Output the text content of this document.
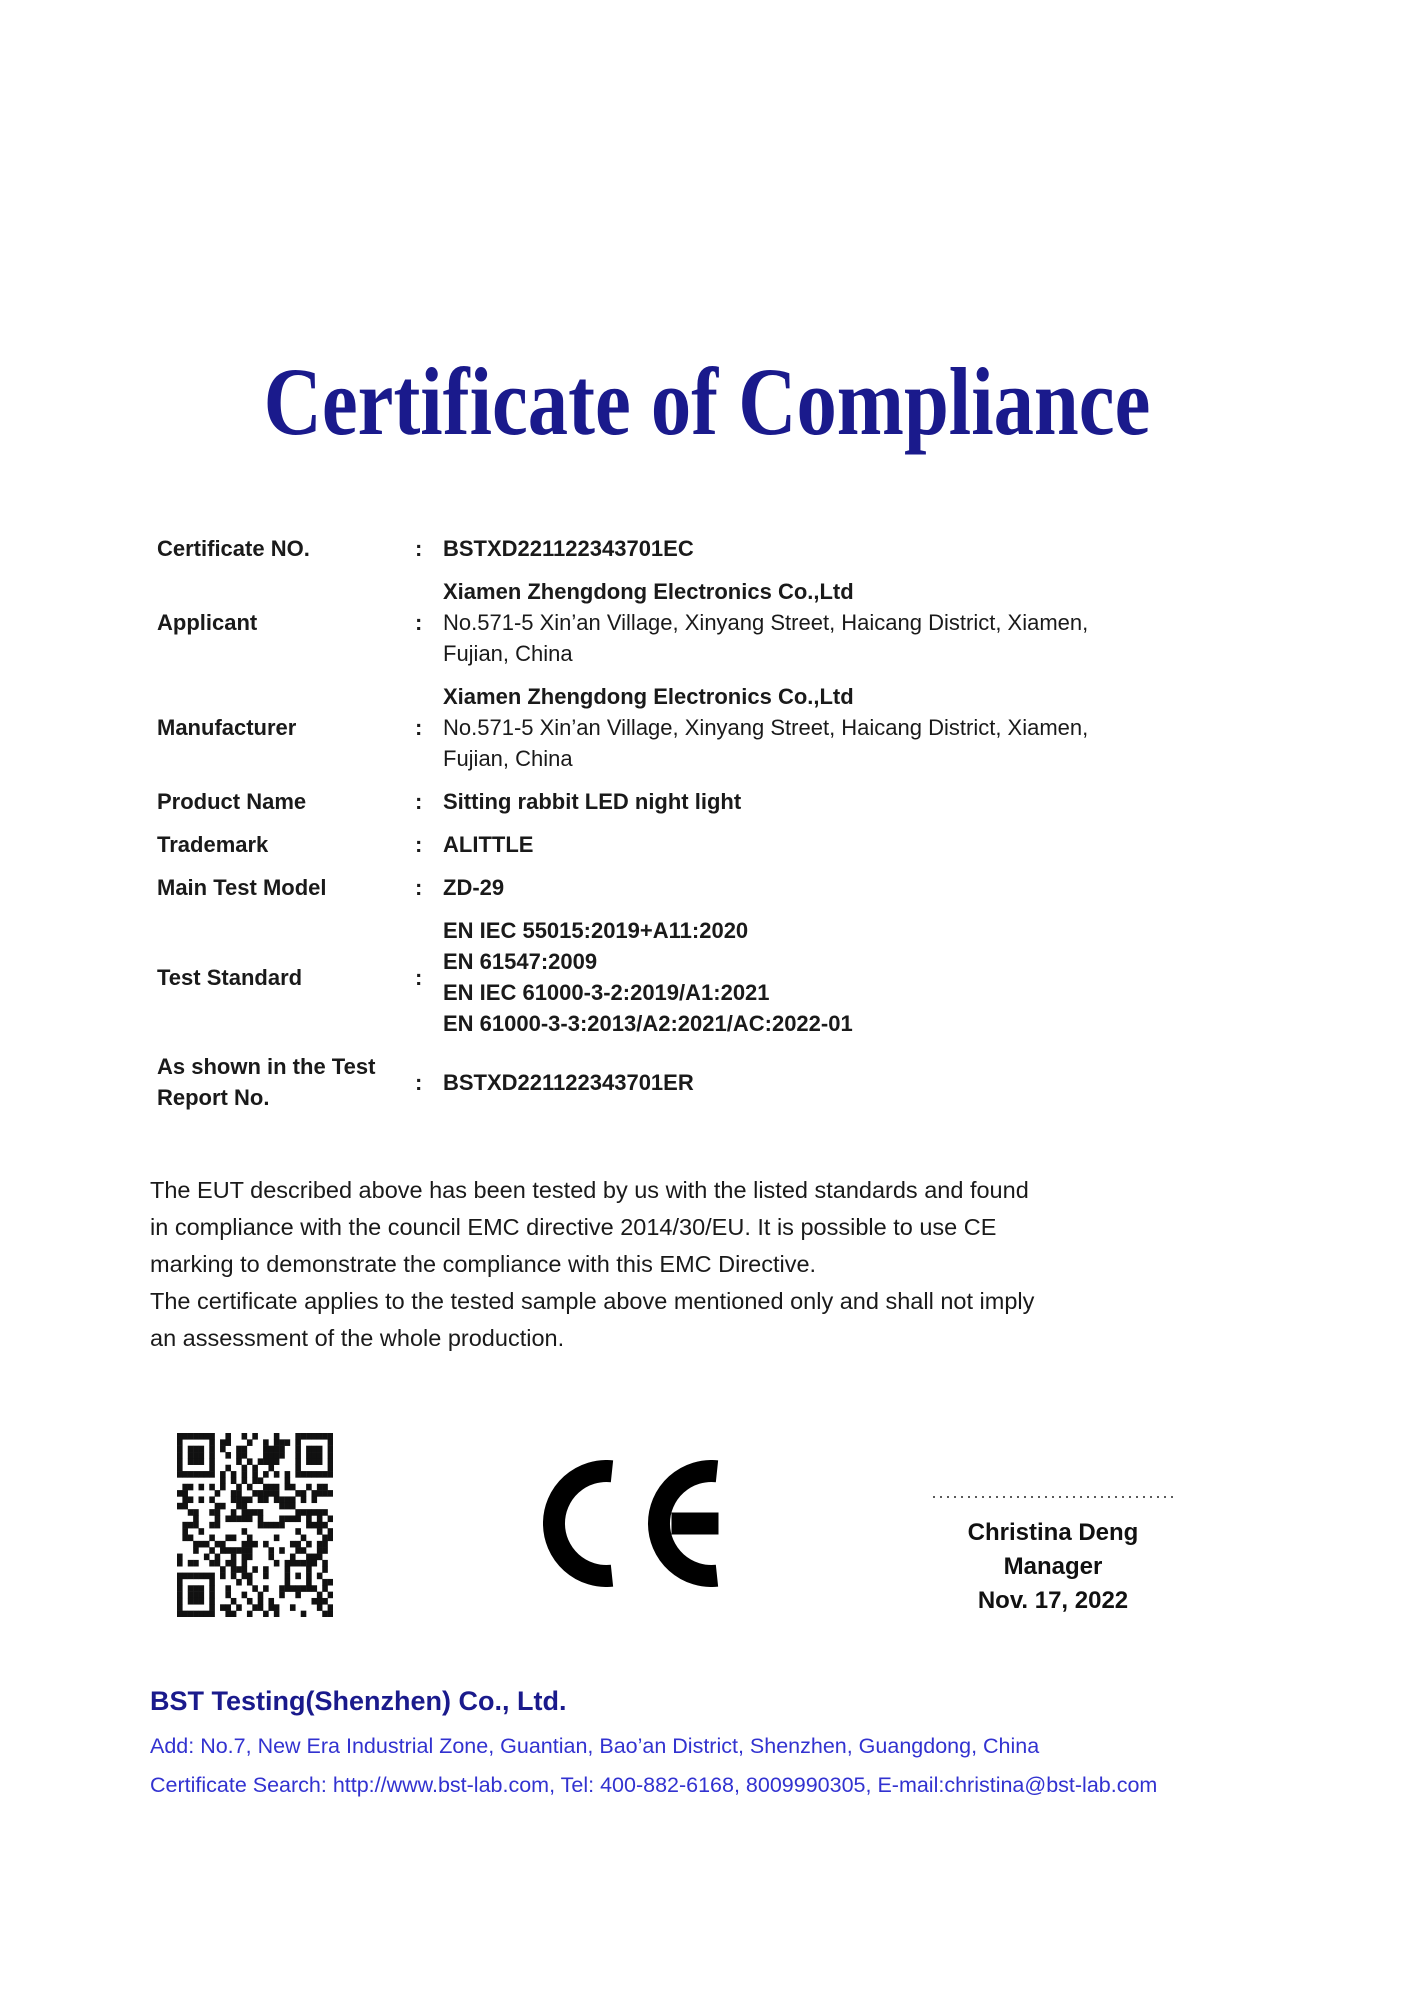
Certificate of Compliance
Certificate NO.	: BSTXD221122343701EC
Applicant	:
Xiamen Zhengdong Electronics Co.,Ltd
No.571-5 Xin’an Village, Xinyang Street, Haicang District, Xiamen,
Fujian, China
Manufacturer	:
Xiamen Zhengdong Electronics Co.,Ltd
No.571-5 Xin’an Village, Xinyang Street, Haicang District, Xiamen,
Fujian, China
Product Name	: Sitting rabbit LED night light
Trademark	: ALITTLE
Main Test Model	: ZD-29
Test Standard	:
EN IEC 55015:2019+A11:2020
EN 61547:2009
EN IEC 61000-3-2:2019/A1:2021
EN 61000-3-3:2013/A2:2021/AC:2022-01
As shown in the Test Report No.
: BSTXD221122343701ER
The EUT described above has been tested by us with the listed standards and found
in compliance with the council EMC directive 2014/30/EU. It is possible to use CE
marking to demonstrate the compliance with this EMC Directive.
The certificate applies to the tested sample above mentioned only and shall not imply
an assessment of the whole production.
Christina Deng
Manager
Nov. 17, 2022
BST Testing(Shenzhen) Co., Ltd.
Add: No.7, New Era Industrial Zone, Guantian, Bao’an District, Shenzhen, Guangdong, China
Certificate Search: http://www.bst-lab.com, Tel: 400-882-6168, 8009990305, E-mail:christina@bst-lab.com
